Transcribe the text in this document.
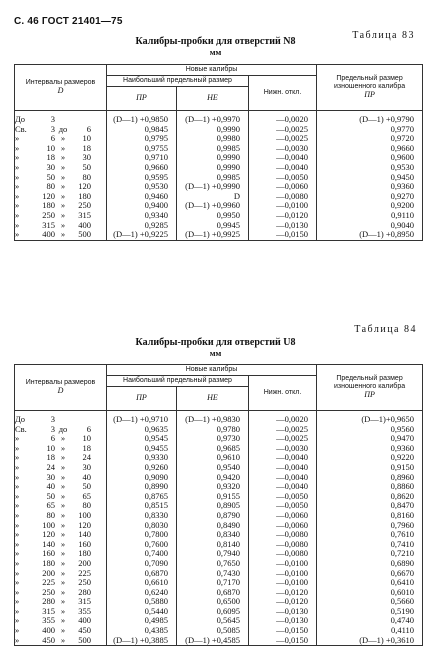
С. 46 ГОСТ 21401—75
Таблица 83
Калибры-пробки для отверстий N8
мм
Интервалы размеров
D	Новые калибры			Предельный размер изношенного калибра
ПР
	Наибольший предельный размер		Нижн. откл.	
	ПР	НЕ		
До 3	(D—1) +0,9850	(D—1) +0,9970	—0,0020	(D—1) +0,9790
Св. 3 до 6	0,9845	0,9990	—0,0025	0,9770
» 6 » 10	0,9795	0,9980	—0,0025	0,9720
» 10 » 18	0,9755	0,9985	—0,0030	0,9660
» 18 » 30	0,9710	0,9990	—0,0040	0,9600
» 30 » 50	0,9660	0,9990	—0,0040	0,9530
» 50 » 80	0,9595	0,9985	—0,0050	0,9450
» 80 » 120	0,9530	(D—1) +0,9990	—0,0060	0,9360
» 120 » 180	0,9460	D	—0,0080	0,9270
» 180 » 250	0,9400	(D—1) +0,9960	—0,0100	0,9200
» 250 » 315	0,9340	0,9950	—0,0120	0,9110
» 315 » 400	0,9285	0,9945	—0,0130	0,9040
» 400 » 500	(D—1) +0,9225	(D—1) +0,9925	—0,0150	(D—1) +0,8950
Таблица 84
Калибры-пробки для отверстий U8
мм
Интервалы размеров
D	Новые калибры			Предельный размер изношенного калибра
ПР
	Наибольший предельный размер		Нижн. откл.	
	ПР	НЕ		
До 3	(D—1) +0,9710	(D—1) +0,9830	—0,0020	(D—1)+0,9650
Св. 3 до 6	0,9635	0,9780	—0,0025	0,9560
» 6 » 10	0,9545	0,9730	—0,0025	0,9470
» 10 » 18	0,9455	0,9685	—0,0030	0,9360
» 18 » 24	0,9330	0,9610	—0,0040	0,9220
» 24 » 30	0,9260	0,9540	—0,0040	0,9150
» 30 » 40	0,9090	0,9420	—0,0040	0,8960
» 40 » 50	0,8990	0,9320	—0,0040	0,8860
» 50 » 65	0,8765	0,9155	—0,0050	0,8620
» 65 » 80	0,8515	0,8905	—0,0050	0,8470
» 80 » 100	0,8330	0,8790	—0,0060	0,8160
» 100 » 120	0,8030	0,8490	—0,0060	0,7960
» 120 » 140	0,7800	0,8340	—0,0080	0,7610
» 140 » 160	0,7600	0,8140	—0,0080	0,7410
» 160 » 180	0,7400	0,7940	—0,0080	0,7210
» 180 » 200	0,7090	0,7650	—0,0100	0,6890
» 200 » 225	0,6870	0,7430	—0,0100	0,6670
» 225 » 250	0,6610	0,7170	—0,0100	0,6410
» 250 » 280	0,6240	0,6870	—0,0120	0,6010
» 280 » 315	0,5880	0,6500	—0,0120	0,5660
» 315 » 355	0,5440	0,6095	—0,0130	0,5190
» 355 » 400	0,4985	0,5645	—0,0130	0,4740
» 400 » 450	0,4385	0,5085	—0,0150	0,4110
» 450 » 500	(D—1) +0,3885	(D—1) +0,4585	—0,0150	(D—1) +0,3610
